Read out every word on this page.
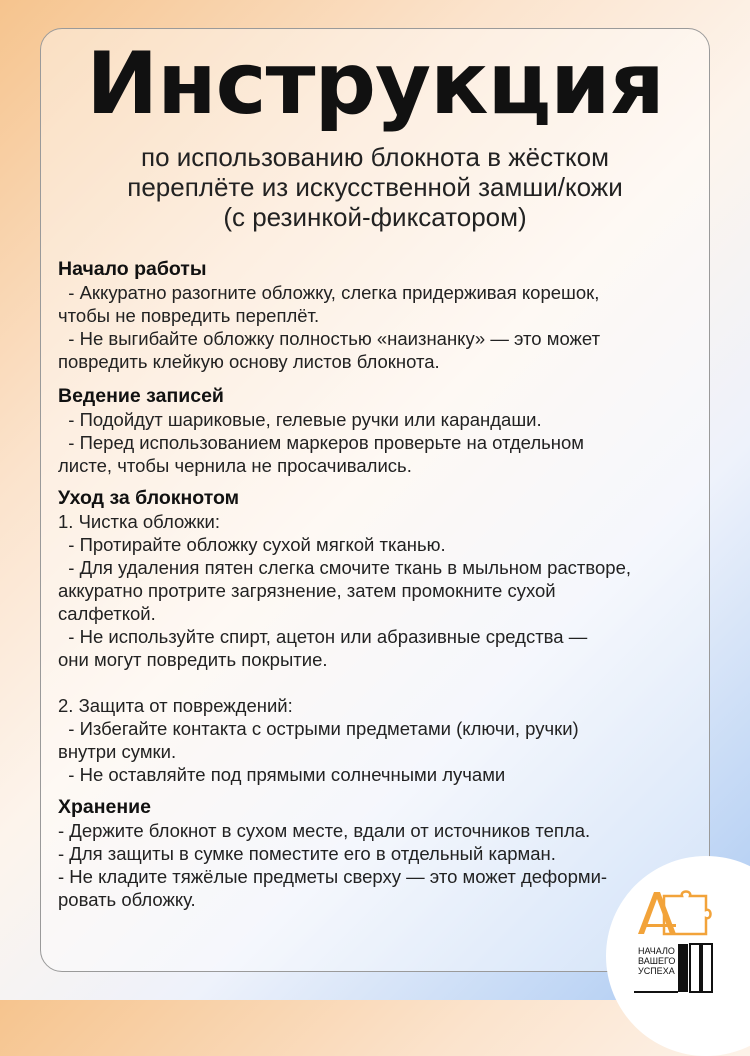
Инструкция
по использованию блокнота в жёстком
переплёте из искусственной замши/кожи
(с резинкой-фиксатором)
Начало работы
- Аккуратно разогните обложку, слегка придерживая корешок,
чтобы не повредить переплёт.
- Не выгибайте обложку полностью «наизнанку» — это может
повредить клейкую основу листов блокнота.
Ведение записей
- Подойдут шариковые, гелевые ручки или карандаши.
- Перед использованием маркеров проверьте на отдельном
листе, чтобы чернила не просачивались.
Уход за блокнотом
1. Чистка обложки:
- Протирайте обложку сухой мягкой тканью.
- Для удаления пятен слегка смочите ткань в мыльном растворе,
аккуратно протрите загрязнение, затем промокните сухой
салфеткой.
- Не используйте спирт, ацетон или абразивные средства —
они могут повредить покрытие.
2. Защита от повреждений:
- Избегайте контакта с острыми предметами (ключи, ручки)
внутри сумки.
- Не оставляйте под прямыми солнечными лучами
Хранение
- Держите блокнот в сухом месте, вдали от источников тепла.
- Для защиты в сумке поместите его в отдельный карман.
- Не кладите тяжёлые предметы сверху — это может деформи-
ровать обложку.
НАЧАЛО
ВАШЕГО
УСПЕХА
